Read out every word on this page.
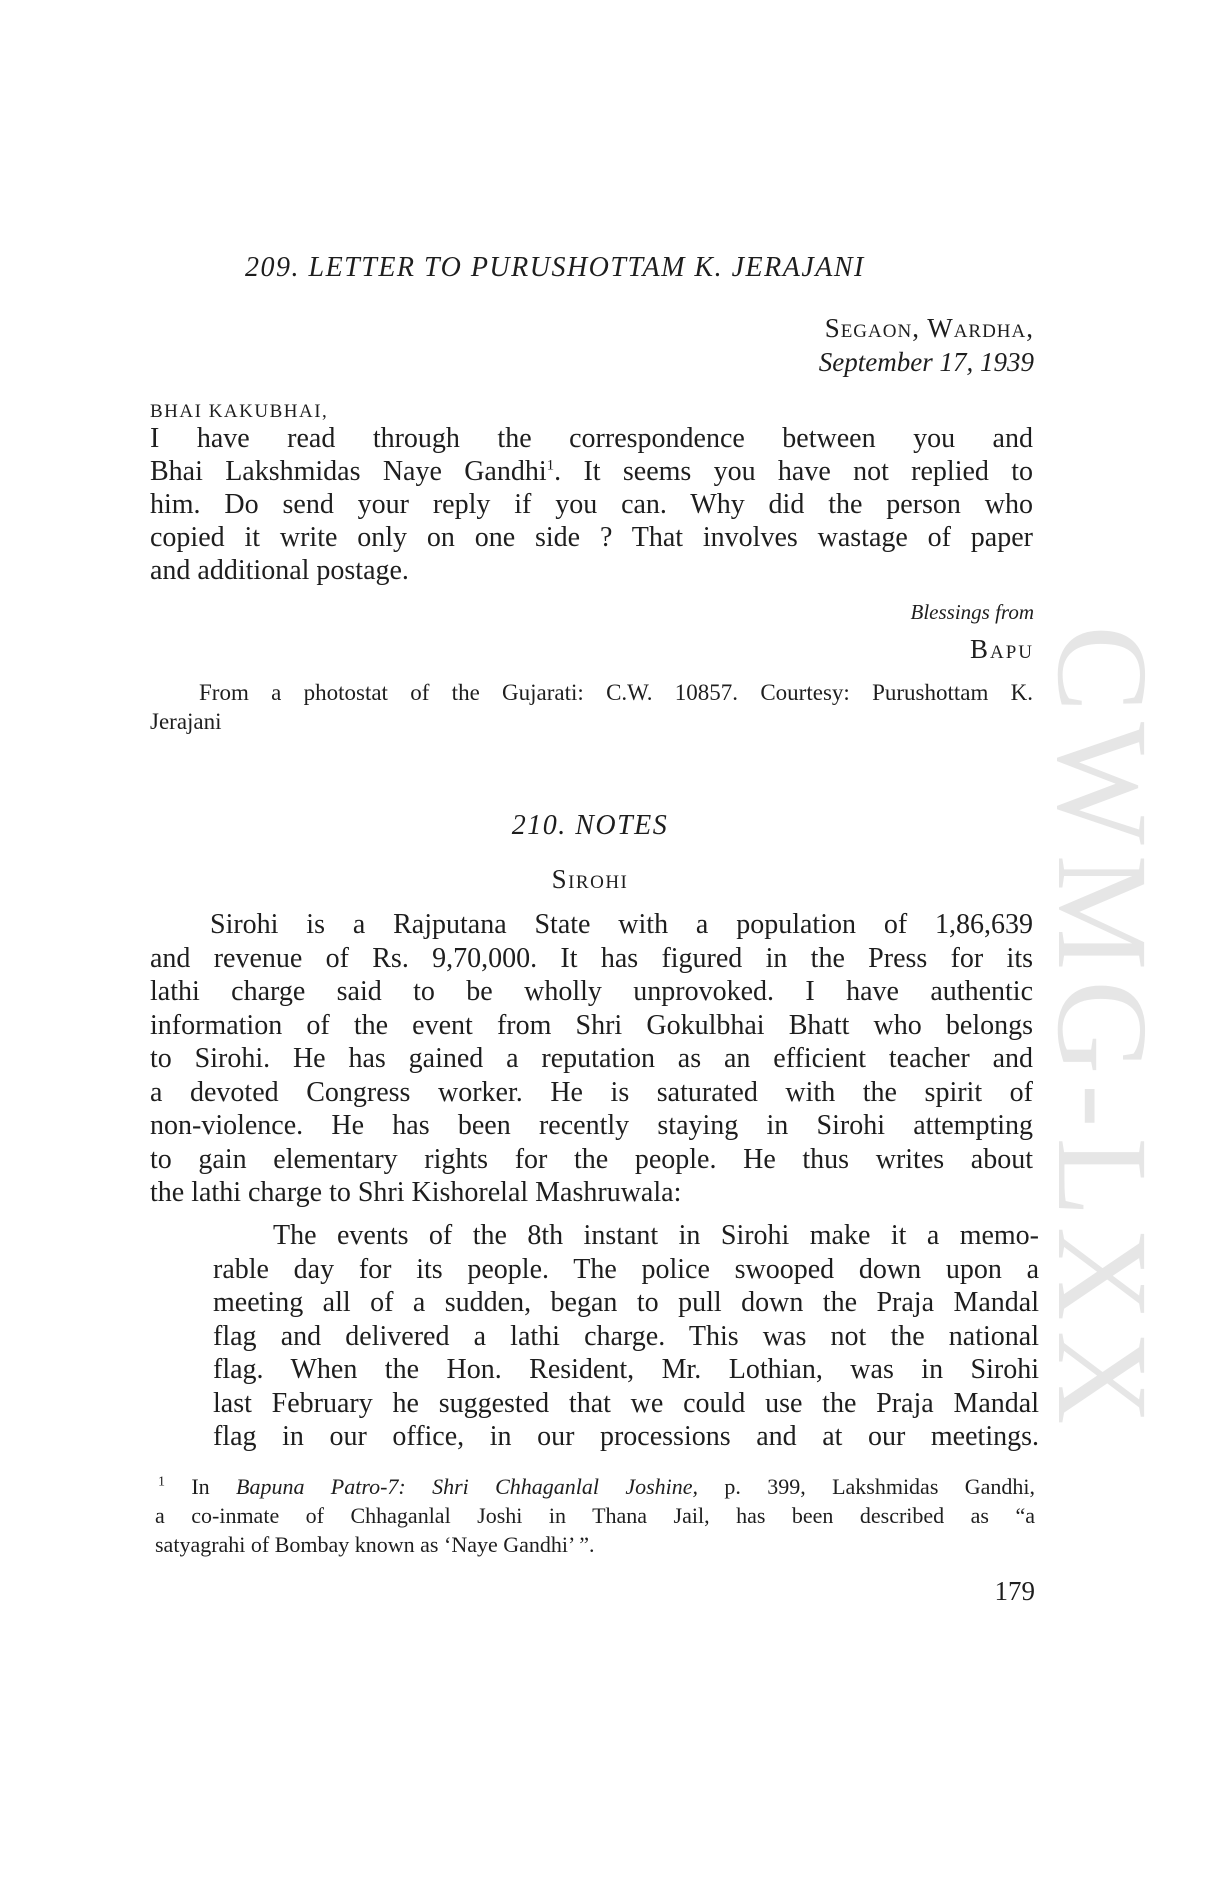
CWMG-LXX
209. LETTER TO PURUSHOTTAM K. JERAJANI
Segaon, Wardha,
September 17, 1939
BHAI KAKUBHAI,
I have read through the correspondence between you and
Bhai Lakshmidas Naye Gandhi$^1$. It seems you have not replied to
him. Do send your reply if you can. Why did the person who
copied it write only on one side ? That involves wastage of paper
and additional postage.
Blessings from
Bapu
From a photostat of the Gujarati: C.W. 10857. Courtesy: Purushottam K.
Jerajani
210. NOTES
Sirohi
Sirohi is a Rajputana State with a population of 1,86,639
and revenue of Rs. 9,70,000. It has figured in the Press for its
lathi charge said to be wholly unprovoked. I have authentic
information of the event from Shri Gokulbhai Bhatt who belongs
to Sirohi. He has gained a reputation as an efficient teacher and
a devoted Congress worker. He is saturated with the spirit of
non-violence. He has been recently staying in Sirohi attempting
to gain elementary rights for the people. He thus writes about
the lathi charge to Shri Kishorelal Mashruwala:
The events of the 8th instant in Sirohi make it a memo-
rable day for its people. The police swooped down upon a
meeting all of a sudden, began to pull down the Praja Mandal
flag and delivered a lathi charge. This was not the national
flag. When the Hon. Resident, Mr. Lothian, was in Sirohi
last February he suggested that we could use the Praja Mandal
flag in our office, in our processions and at our meetings.
$^1$ In Bapuna Patro-7: Shri Chhaganlal Joshine, p. 399, Lakshmidas Gandhi,
a co-inmate of Chhaganlal Joshi in Thana Jail, has been described as “a
satyagrahi of Bombay known as ‘Naye Gandhi’ ”.
179
